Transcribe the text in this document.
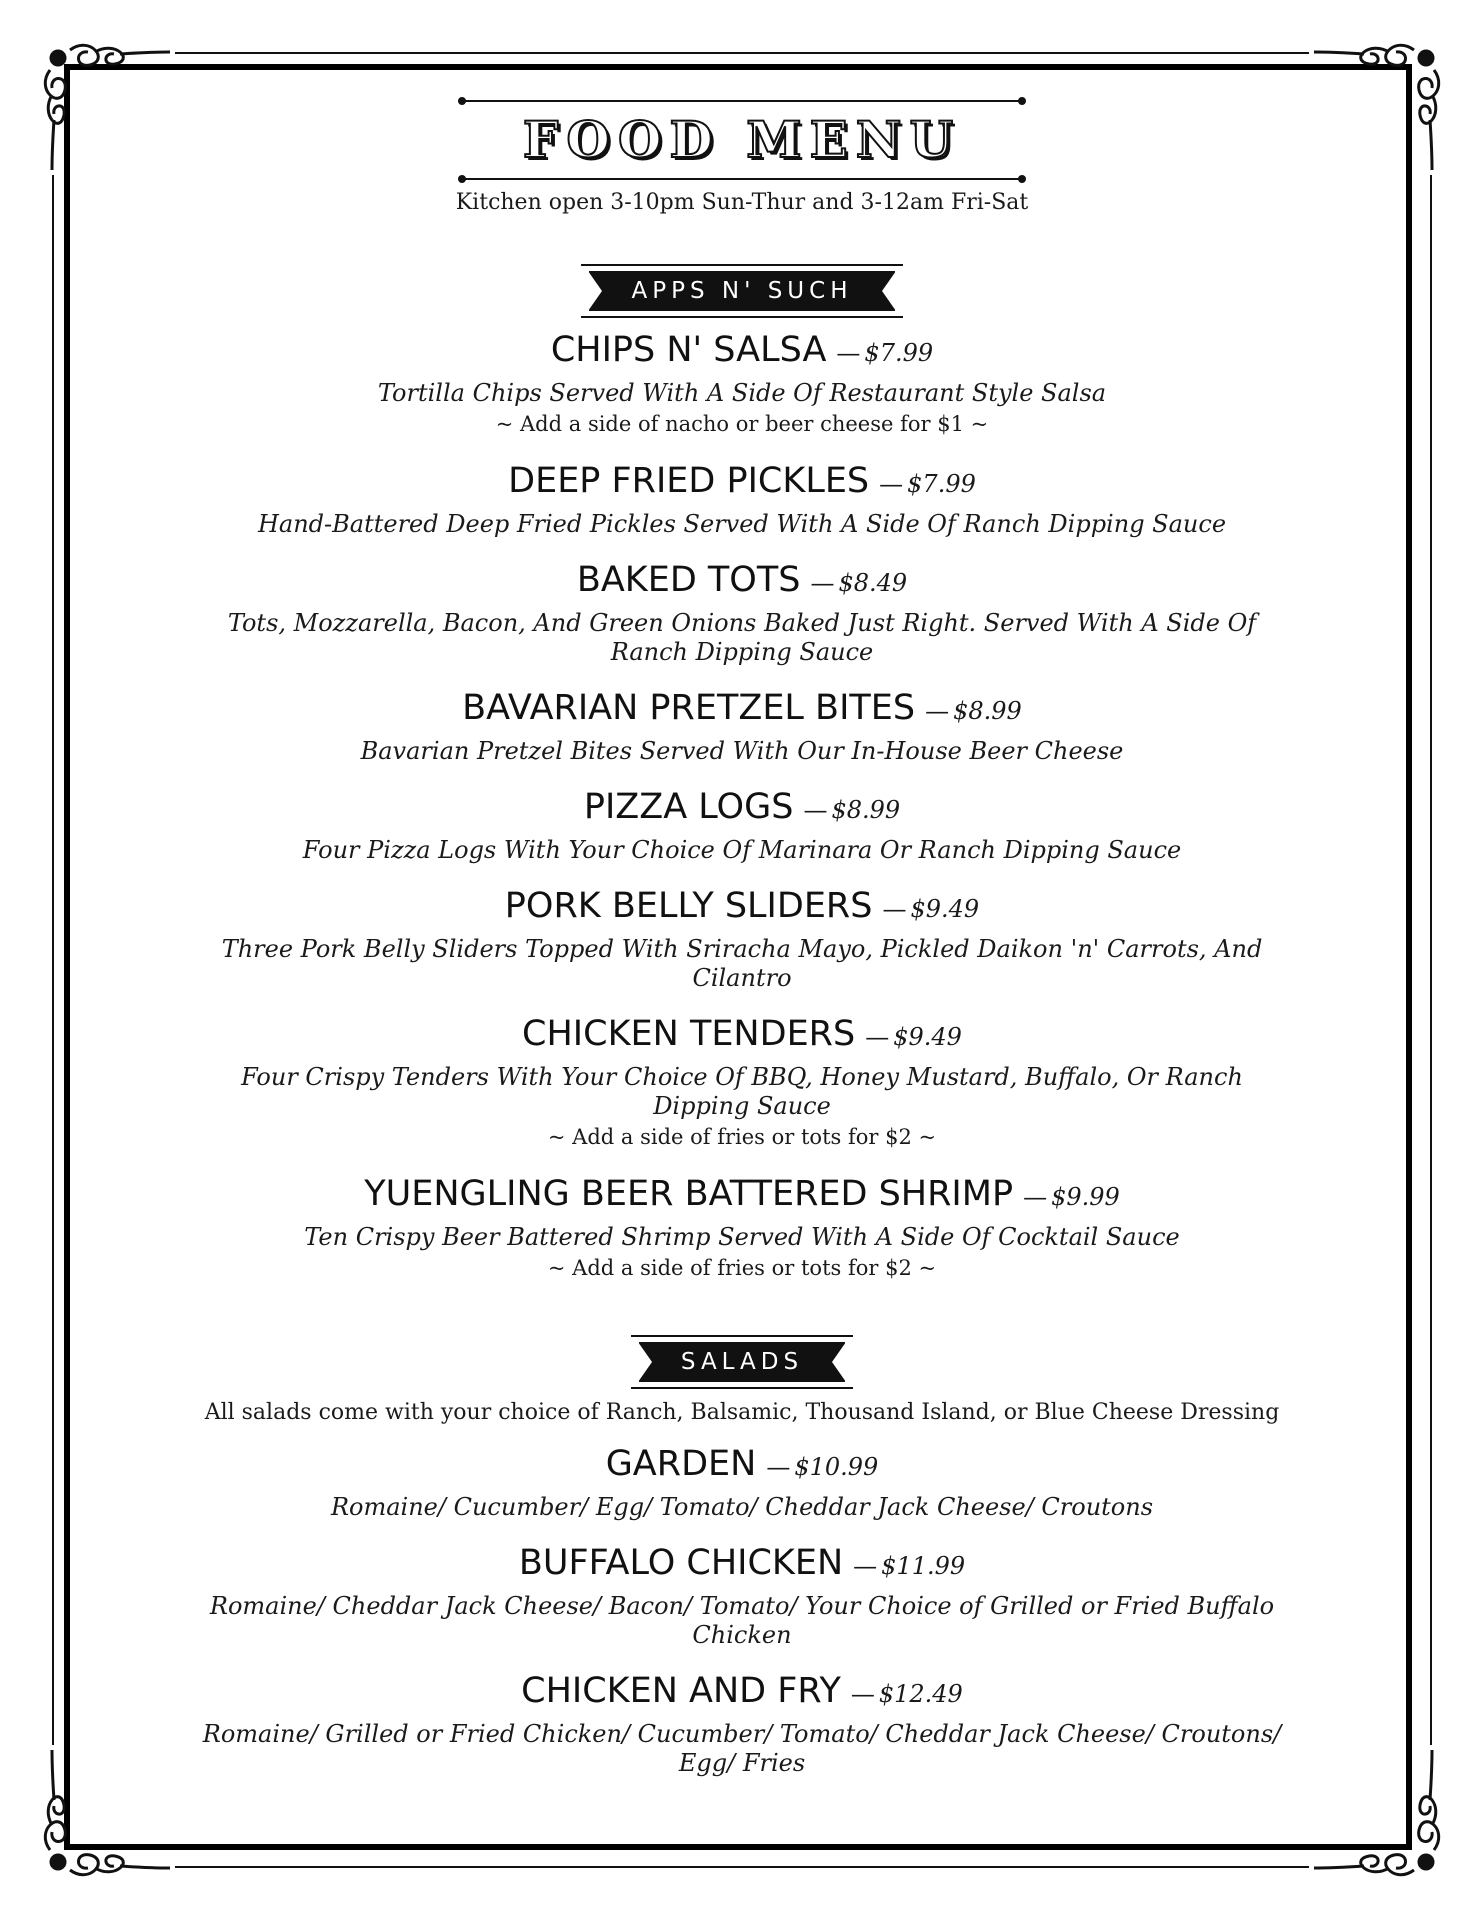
FOOD MENU
Kitchen open 3-10pm Sun-Thur and 3-12am Fri-Sat
APPS N' SUCH
CHIPS N' SALSA — $7.99
Tortilla Chips Served With A Side Of Restaurant Style Salsa
~ Add a side of nacho or beer cheese for $1 ~
DEEP FRIED PICKLES — $7.99
Hand-Battered Deep Fried Pickles Served With A Side Of Ranch Dipping Sauce
BAKED TOTS — $8.49
Tots, Mozzarella, Bacon, And Green Onions Baked Just Right. Served With A Side Of Ranch Dipping Sauce
BAVARIAN PRETZEL BITES — $8.99
Bavarian Pretzel Bites Served With Our In-House Beer Cheese
PIZZA LOGS — $8.99
Four Pizza Logs With Your Choice Of Marinara Or Ranch Dipping Sauce
PORK BELLY SLIDERS — $9.49
Three Pork Belly Sliders Topped With Sriracha Mayo, Pickled Daikon 'n' Carrots, And Cilantro
CHICKEN TENDERS — $9.49
Four Crispy Tenders With Your Choice Of BBQ, Honey Mustard, Buffalo, Or Ranch Dipping Sauce
~ Add a side of fries or tots for $2 ~
YUENGLING BEER BATTERED SHRIMP — $9.99
Ten Crispy Beer Battered Shrimp Served With A Side Of Cocktail Sauce
~ Add a side of fries or tots for $2 ~
SALADS
All salads come with your choice of Ranch, Balsamic, Thousand Island, or Blue Cheese Dressing
GARDEN — $10.99
Romaine/ Cucumber/ Egg/ Tomato/ Cheddar Jack Cheese/ Croutons
BUFFALO CHICKEN — $11.99
Romaine/ Cheddar Jack Cheese/ Bacon/ Tomato/ Your Choice of Grilled or Fried Buffalo Chicken
CHICKEN AND FRY — $12.49
Romaine/ Grilled or Fried Chicken/ Cucumber/ Tomato/ Cheddar Jack Cheese/ Croutons/ Egg/ Fries
